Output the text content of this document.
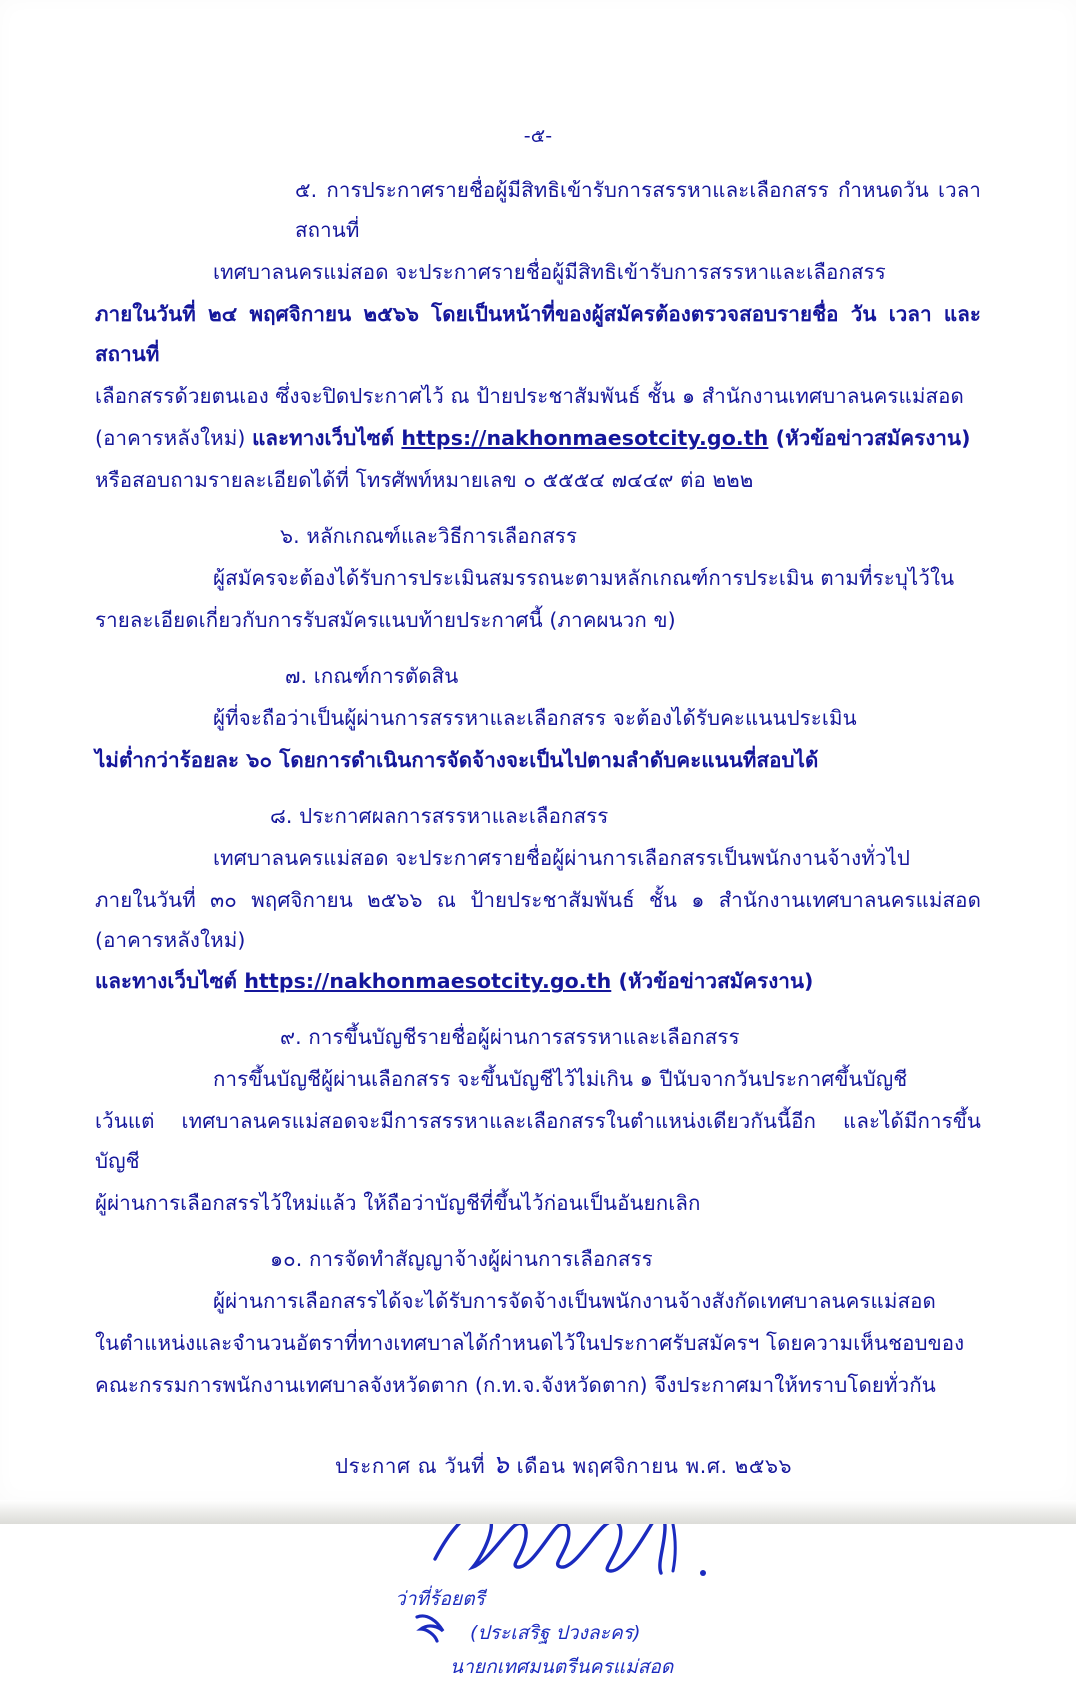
-๕-
๕. การประกาศรายชื่อผู้มีสิทธิเข้ารับการสรรหาและเลือกสรร กำหนดวัน เวลา สถานที่
เทศบาลนครแม่สอด จะประกาศรายชื่อผู้มีสิทธิเข้ารับการสรรหาและเลือกสรร
ภายในวันที่ ๒๔ พฤศจิกายน ๒๕๖๖ โดยเป็นหน้าที่ของผู้สมัครต้องตรวจสอบรายชื่อ วัน เวลา และสถานที่
เลือกสรรด้วยตนเอง ซึ่งจะปิดประกาศไว้ ณ ป้ายประชาสัมพันธ์ ชั้น ๑ สำนักงานเทศบาลนครแม่สอด
(อาคารหลังใหม่) และทางเว็บไซต์ https://nakhonmaesotcity.go.th (หัวข้อข่าวสมัครงาน)
หรือสอบถามรายละเอียดได้ที่ โทรศัพท์หมายเลข ๐ ๕๕๕๔ ๗๔๔๙ ต่อ ๒๒๒
๖. หลักเกณฑ์และวิธีการเลือกสรร
ผู้สมัครจะต้องได้รับการประเมินสมรรถนะตามหลักเกณฑ์การประเมิน ตามที่ระบุไว้ใน
รายละเอียดเกี่ยวกับการรับสมัครแนบท้ายประกาศนี้ (ภาคผนวก ข)
๗. เกณฑ์การตัดสิน
ผู้ที่จะถือว่าเป็นผู้ผ่านการสรรหาและเลือกสรร จะต้องได้รับคะแนนประเมิน
ไม่ต่ำกว่าร้อยละ ๖๐ โดยการดำเนินการจัดจ้างจะเป็นไปตามลำดับคะแนนที่สอบได้
๘. ประกาศผลการสรรหาและเลือกสรร
เทศบาลนครแม่สอด จะประกาศรายชื่อผู้ผ่านการเลือกสรรเป็นพนักงานจ้างทั่วไป
ภายในวันที่ ๓๐ พฤศจิกายน ๒๕๖๖ ณ ป้ายประชาสัมพันธ์ ชั้น ๑ สำนักงานเทศบาลนครแม่สอด (อาคารหลังใหม่)
และทางเว็บไซต์ https://nakhonmaesotcity.go.th (หัวข้อข่าวสมัครงาน)
๙. การขึ้นบัญชีรายชื่อผู้ผ่านการสรรหาและเลือกสรร
การขึ้นบัญชีผู้ผ่านเลือกสรร จะขึ้นบัญชีไว้ไม่เกิน ๑ ปีนับจากวันประกาศขึ้นบัญชี
เว้นแต่ เทศบาลนครแม่สอดจะมีการสรรหาและเลือกสรรในตำแหน่งเดียวกันนี้อีก และได้มีการขึ้นบัญชี
ผู้ผ่านการเลือกสรรไว้ใหม่แล้ว ให้ถือว่าบัญชีที่ขึ้นไว้ก่อนเป็นอันยกเลิก
๑๐. การจัดทำสัญญาจ้างผู้ผ่านการเลือกสรร
ผู้ผ่านการเลือกสรรได้จะได้รับการจัดจ้างเป็นพนักงานจ้างสังกัดเทศบาลนครแม่สอด
ในตำแหน่งและจำนวนอัตราที่ทางเทศบาลได้กำหนดไว้ในประกาศรับสมัครฯ โดยความเห็นชอบของ
คณะกรรมการพนักงานเทศบาลจังหวัดตาก (ก.ท.จ.จังหวัดตาก) จึงประกาศมาให้ทราบโดยทั่วกัน
ประกาศ ณ วันที่ ๖ เดือน พฤศจิกายน พ.ศ. ๒๕๖๖
ว่าที่ร้อยตรี
(ประเสริฐ ปวงละคร)
นายกเทศมนตรีนครแม่สอด
